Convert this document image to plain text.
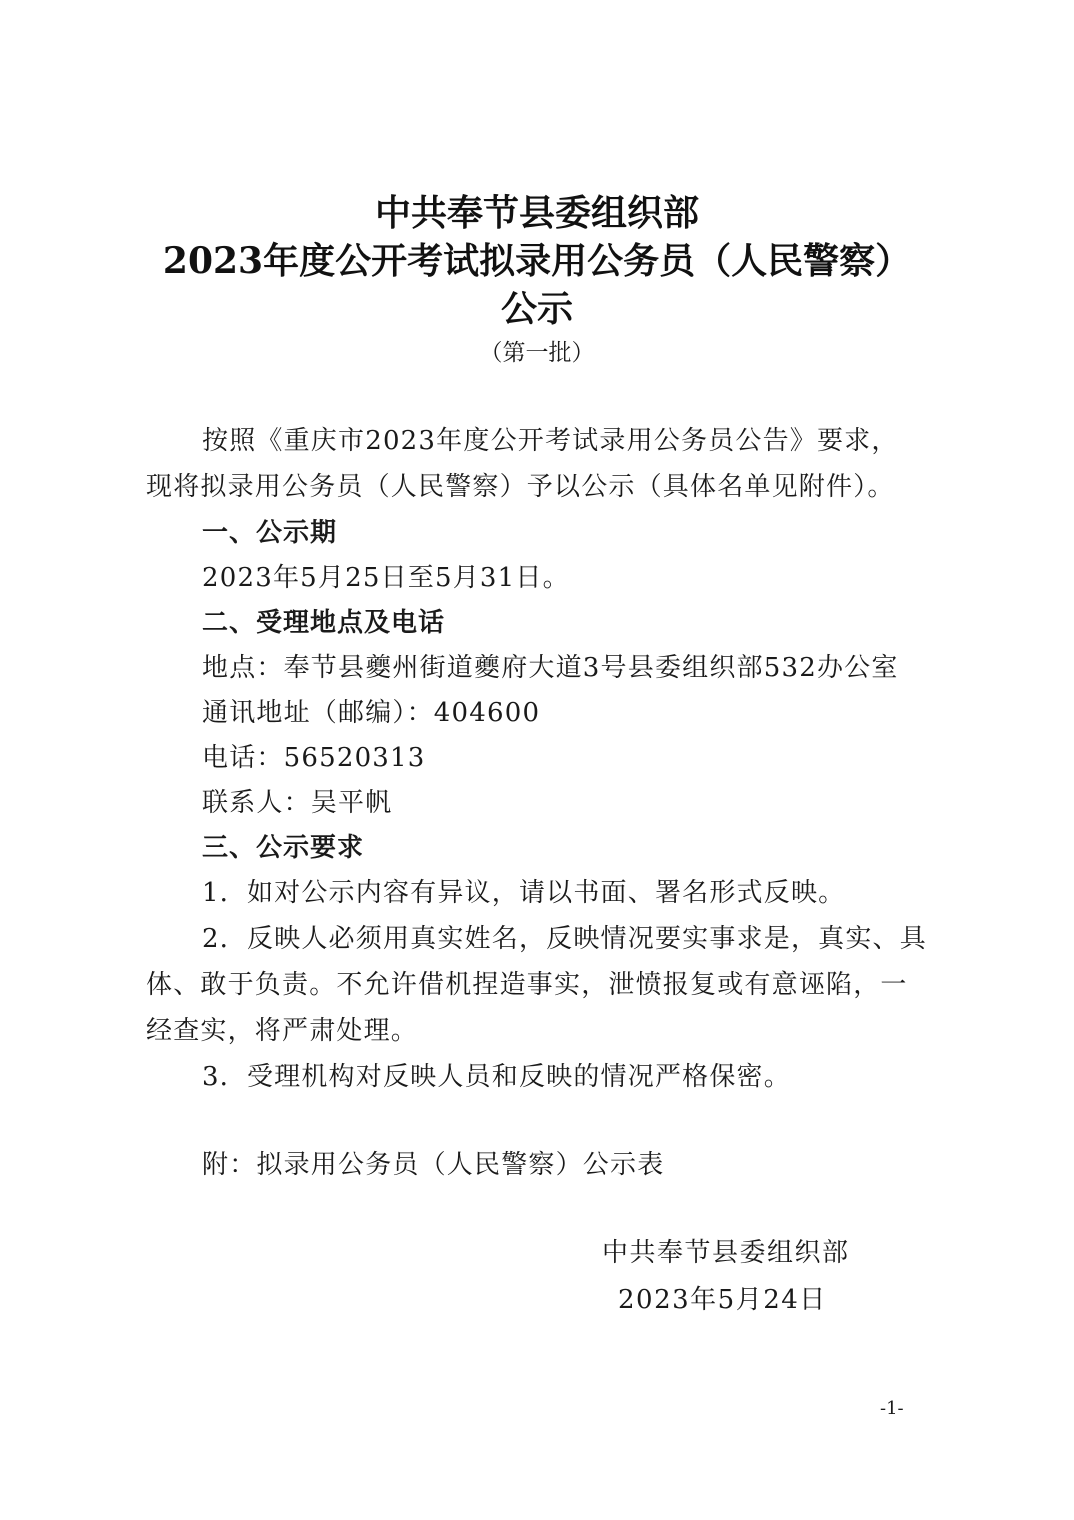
中共奉节县委组织部
2023年度公开考试拟录用公务员（人民警察）
公示
（第一批）
按照《重庆市2023年度公开考试录用公务员公告》要求，
现将拟录用公务员（人民警察）予以公示（具体名单见附件）。
一、公示期
2023年5月25日至5月31日。
二、受理地点及电话
地点：奉节县夔州街道夔府大道3号县委组织部532办公室
通讯地址（邮编）：404600
电话：56520313
联系人：吴平帆
三、公示要求
1．如对公示内容有异议，请以书面、署名形式反映。
2．反映人必须用真实姓名，反映情况要实事求是，真实、具
体、敢于负责。不允许借机捏造事实，泄愤报复或有意诬陷，一
经查实，将严肃处理。
3．受理机构对反映人员和反映的情况严格保密。
附：拟录用公务员（人民警察）公示表
中共奉节县委组织部
2023年5月24日
-1-
